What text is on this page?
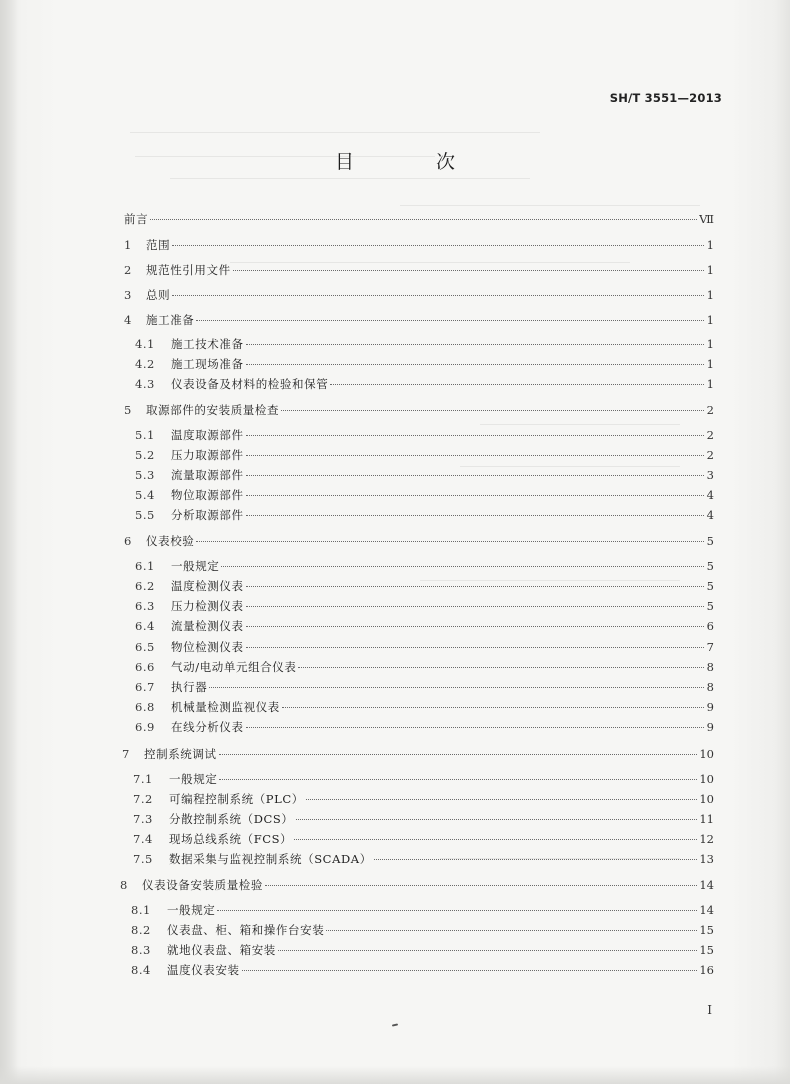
SH/T 3551—2013
目 次
前言	Ⅶ
1	范围	1
2	规范性引用文件	1
3	总则	1
4	施工准备	1
4.1	施工技术准备	1
4.2	施工现场准备	1
4.3	仪表设备及材料的检验和保管	1
5	取源部件的安装质量检查	2
5.1	温度取源部件	2
5.2	压力取源部件	2
5.3	流量取源部件	3
5.4	物位取源部件	4
5.5	分析取源部件	4
6	仪表校验	5
6.1	一般规定	5
6.2	温度检测仪表	5
6.3	压力检测仪表	5
6.4	流量检测仪表	6
6.5	物位检测仪表	7
6.6	气动/电动单元组合仪表	8
6.7	执行器	8
6.8	机械量检测监视仪表	9
6.9	在线分析仪表	9
7	控制系统调试	10
7.1	一般规定	10
7.2	可编程控制系统（PLC）	10
7.3	分散控制系统（DCS）	11
7.4	现场总线系统（FCS）	12
7.5	数据采集与监视控制系统（SCADA）	13
8	仪表设备安装质量检验	14
8.1	一般规定	14
8.2	仪表盘、柜、箱和操作台安装	15
8.3	就地仪表盘、箱安装	15
8.4	温度仪表安装	16
I
